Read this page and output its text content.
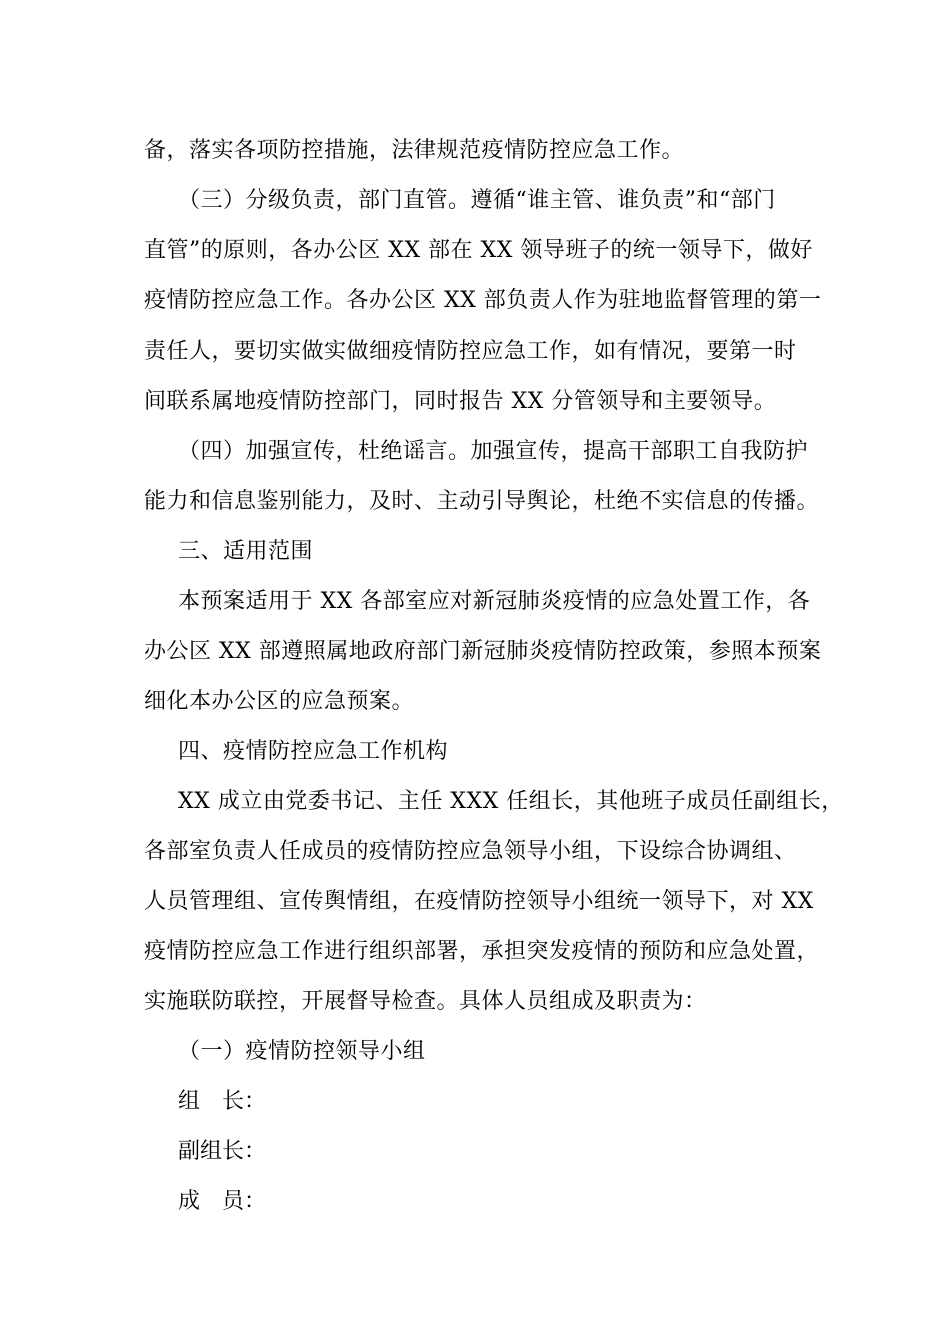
备，落实各项防控措施，法律规范疫情防控应急工作。
（三）分级负责，部门直管。遵循“谁主管、谁负责”和“部门
直管”的原则，各办公区 XX 部在 XX 领导班子的统一领导下，做好
疫情防控应急工作。各办公区 XX 部负责人作为驻地监督管理的第一
责任人，要切实做实做细疫情防控应急工作，如有情况，要第一时
间联系属地疫情防控部门，同时报告 XX 分管领导和主要领导。
（四）加强宣传，杜绝谣言。加强宣传，提高干部职工自我防护
能力和信息鉴别能力，及时、主动引导舆论，杜绝不实信息的传播。
三、适用范围
本预案适用于 XX 各部室应对新冠肺炎疫情的应急处置工作，各
办公区 XX 部遵照属地政府部门新冠肺炎疫情防控政策，参照本预案
细化本办公区的应急预案。
四、疫情防控应急工作机构
XX 成立由党委书记、主任 XXX 任组长，其他班子成员任副组长，
各部室负责人任成员的疫情防控应急领导小组，下设综合协调组、
人员管理组、宣传舆情组，在疫情防控领导小组统一领导下，对 XX
疫情防控应急工作进行组织部署，承担突发疫情的预防和应急处置，
实施联防联控，开展督导检查。具体人员组成及职责为：
（一）疫情防控领导小组
组　长：
副组长：
成　员：
